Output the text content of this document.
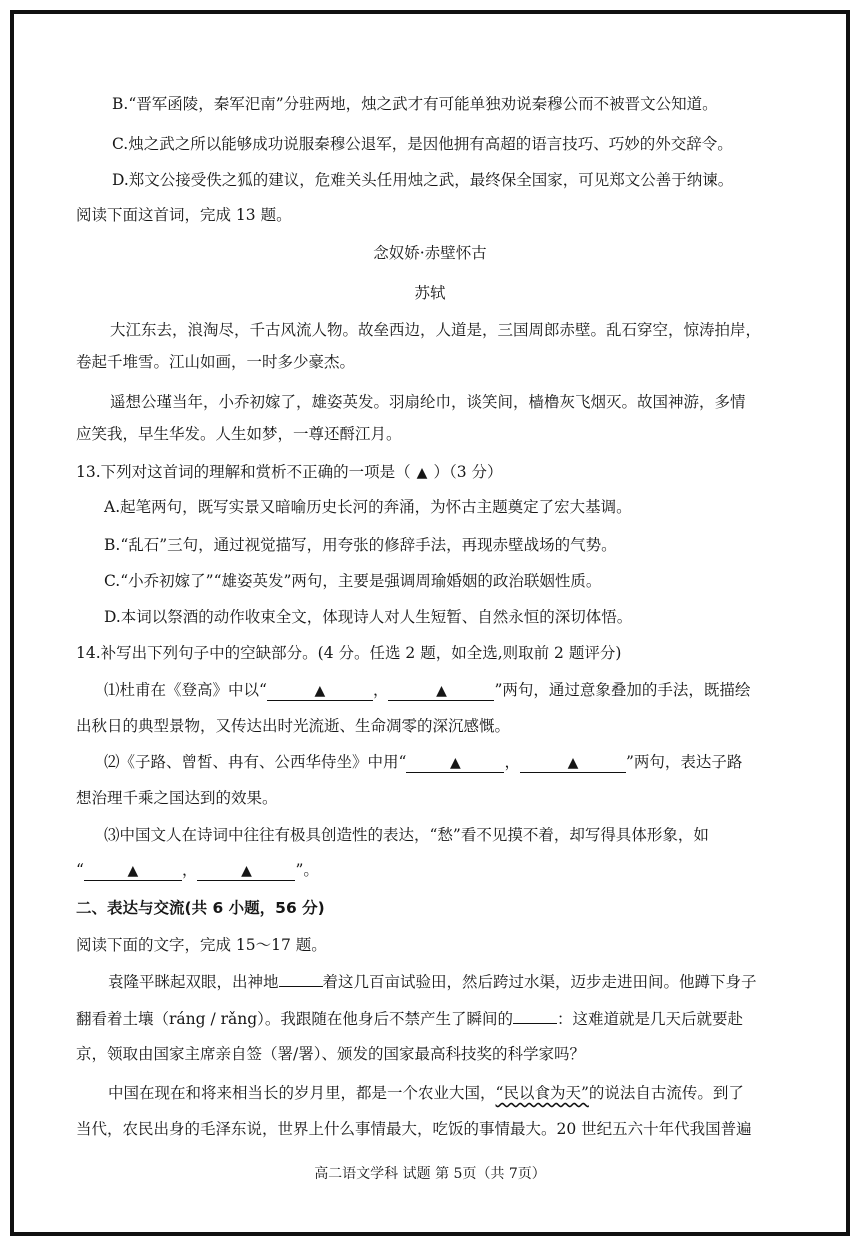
B.“晋军函陵，秦军汜南”分驻两地，烛之武才有可能单独劝说秦穆公而不被晋文公知道。
C.烛之武之所以能够成功说服秦穆公退军，是因他拥有高超的语言技巧、巧妙的外交辞令。
D.郑文公接受佚之狐的建议，危难关头任用烛之武，最终保全国家，可见郑文公善于纳谏。
阅读下面这首词，完成 13 题。
念奴娇·赤壁怀古
苏轼
大江东去，浪淘尽，千古风流人物。故垒西边，人道是，三国周郎赤壁。乱石穿空，惊涛拍岸，
卷起千堆雪。江山如画，一时多少豪杰。
遥想公瑾当年，小乔初嫁了，雄姿英发。羽扇纶巾，谈笑间，樯橹灰飞烟灭。故国神游，多情
应笑我，早生华发。人生如梦，一尊还酹江月。
13.下列对这首词的理解和赏析不正确的一项是（ ▲ ）（3 分）
A.起笔两句，既写实景又暗喻历史长河的奔涌，为怀古主题奠定了宏大基调。
B.“乱石”三句，通过视觉描写，用夸张的修辞手法，再现赤壁战场的气势。
C.“小乔初嫁了”“雄姿英发”两句，主要是强调周瑜婚姻的政治联姻性质。
D.本词以祭酒的动作收束全文，体现诗人对人生短暂、自然永恒的深切体悟。
14.补写出下列句子中的空缺部分。(4 分。任选 2 题，如全选,则取前 2 题评分)
⑴杜甫在《登高》中以“	▲	，	▲	”两句，通过意象叠加的手法，既描绘
出秋日的典型景物，又传达出时光流逝、生命凋零的深沉感慨。
⑵《子路、曾皙、冉有、公西华侍坐》中用“	▲	，	▲	”两句，表达子路
想治理千乘之国达到的效果。
⑶中国文人在诗词中往往有极具创造性的表达，“愁”看不见摸不着，却写得具体形象，如
“	▲	，	▲	”。
二、表达与交流(共 6 小题，56 分)
阅读下面的文字，完成 15～17 题。
袁隆平眯起双眼，出神地	着这几百亩试验田，然后跨过水渠，迈步走进田间。他蹲下身子
翻看着土壤（ráng / rǎng）。我跟随在他身后不禁产生了瞬间的	：这难道就是几天后就要赴
京，领取由国家主席亲自签（署/署）、颁发的国家最高科技奖的科学家吗？
中国在现在和将来相当长的岁月里，都是一个农业大国，“民以食为天”的说法自古流传。到了
当代，农民出身的毛泽东说，世界上什么事情最大，吃饭的事情最大。20 世纪五六十年代我国普遍
高二语文学科 试题 第 5页（共 7页）
